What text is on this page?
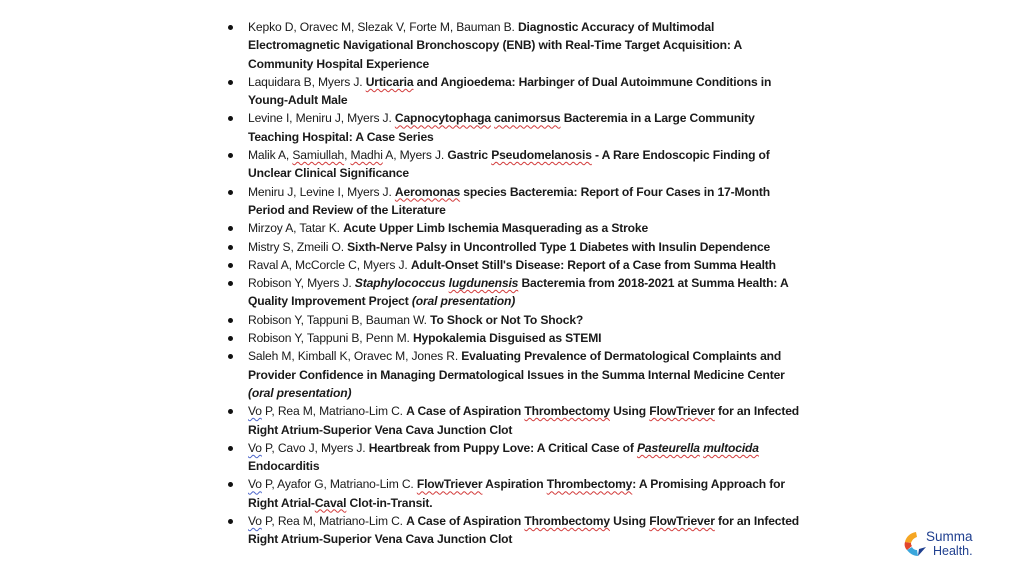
Kepko D, Oravec M, Slezak V, Forte M, Bauman B. Diagnostic Accuracy of Multimodal Electromagnetic Navigational Bronchoscopy (ENB) with Real-Time Target Acquisition: A Community Hospital Experience
Laquidara B, Myers J. Urticaria and Angioedema: Harbinger of Dual Autoimmune Conditions in Young-Adult Male
Levine I, Meniru J, Myers J. Capnocytophaga canimorsus Bacteremia in a Large Community Teaching Hospital: A Case Series
Malik A, Samiullah, Madhi A, Myers J. Gastric Pseudomelanosis - A Rare Endoscopic Finding of Unclear Clinical Significance
Meniru J, Levine I, Myers J. Aeromonas species Bacteremia: Report of Four Cases in 17-Month Period and Review of the Literature
Mirzoy A, Tatar K. Acute Upper Limb Ischemia Masquerading as a Stroke
Mistry S, Zmeili O. Sixth-Nerve Palsy in Uncontrolled Type 1 Diabetes with Insulin Dependence
Raval A, McCorcle C, Myers J. Adult-Onset Still's Disease: Report of a Case from Summa Health
Robison Y, Myers J. Staphylococcus lugdunensis Bacteremia from 2018-2021 at Summa Health: A Quality Improvement Project (oral presentation)
Robison Y, Tappuni B, Bauman W. To Shock or Not To Shock?
Robison Y, Tappuni B, Penn M. Hypokalemia Disguised as STEMI
Saleh M, Kimball K, Oravec M, Jones R. Evaluating Prevalence of Dermatological Complaints and Provider Confidence in Managing Dermatological Issues in the Summa Internal Medicine Center (oral presentation)
Vo P, Rea M, Matriano-Lim C. A Case of Aspiration Thrombectomy Using FlowTriever for an Infected Right Atrium-Superior Vena Cava Junction Clot
Vo P, Cavo J, Myers J. Heartbreak from Puppy Love: A Critical Case of Pasteurella multocida Endocarditis
Vo P, Ayafor G, Matriano-Lim C. FlowTriever Aspiration Thrombectomy: A Promising Approach for Right Atrial-Caval Clot-in-Transit.
Vo P, Rea M, Matriano-Lim C. A Case of Aspiration Thrombectomy Using FlowTriever for an Infected Right Atrium-Superior Vena Cava Junction Clot	Summa
Health.
